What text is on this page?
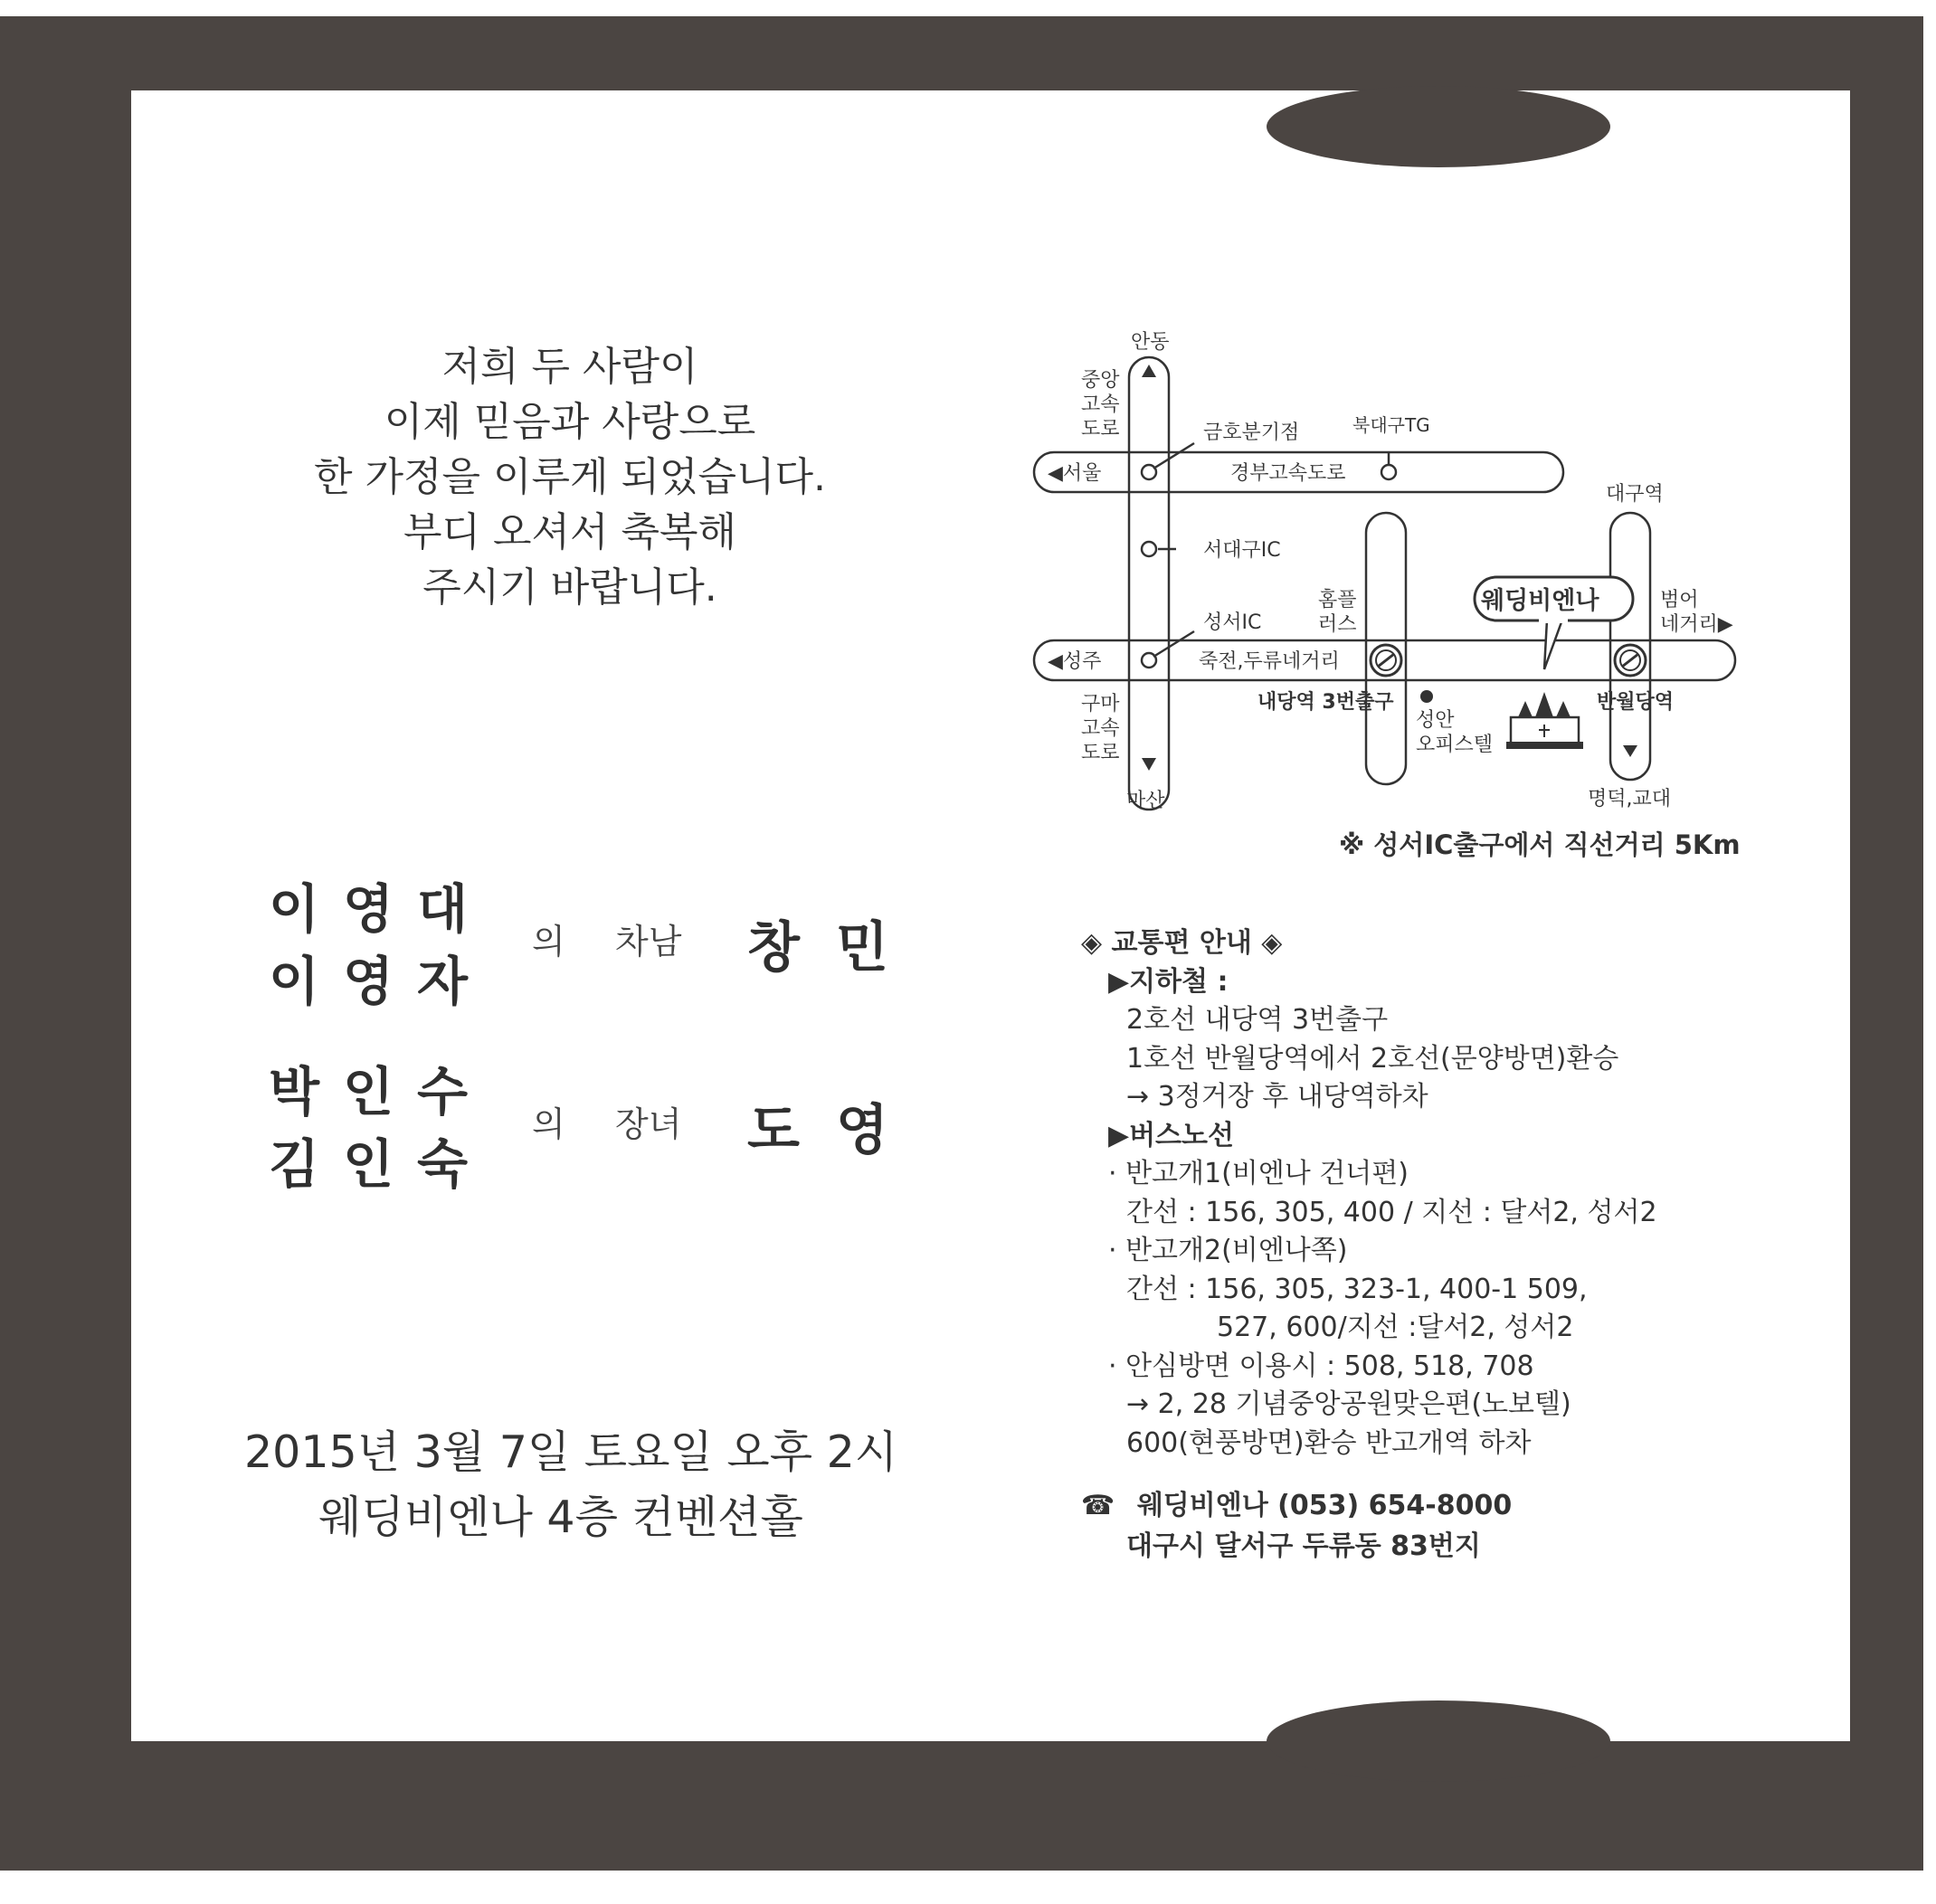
저희 두 사람이
이제 믿음과 사랑으로
한 가정을 이루게 되었습니다.
부디 오셔서 축복해
주시기 바랍니다.
이영대
이영자
의 차남 창민
박인수
김인숙
의 장녀 도영
2015년 3월 7일 토요일 오후 2시
웨딩비엔나 4층 컨벤션홀
안동
중앙
고속
도로
◀서울
금호분기점	북대구TG
경부고속도로
대구역
서대구IC
홈플
러스
웨딩비엔나	범어
네거리▶
성서IC
◀성주	죽전,두류네거리
내당역 3번출구	반월당역
구마
고속
도로
성안
오피스텔
마산	명덕,교대
※ 성서IC출구에서 직선거리 5Km
◈ 교통편 안내 ◈
▶지하철 :
2호선 내당역 3번출구
1호선 반월당역에서 2호선(문양방면)환승
→ 3정거장 후 내당역하차
▶버스노선
· 반고개1(비엔나 건너편)
간선 : 156, 305, 400 / 지선 : 달서2, 성서2
· 반고개2(비엔나쪽)
간선 : 156, 305, 323-1, 400-1 509,
527, 600/지선 :달서2, 성서2
· 안심방면 이용시 : 508, 518, 708
→ 2, 28 기념중앙공원맞은편(노보텔)
600(현풍방면)환승 반고개역 하차
☎ 웨딩비엔나 (053) 654-8000
대구시 달서구 두류동 83번지
